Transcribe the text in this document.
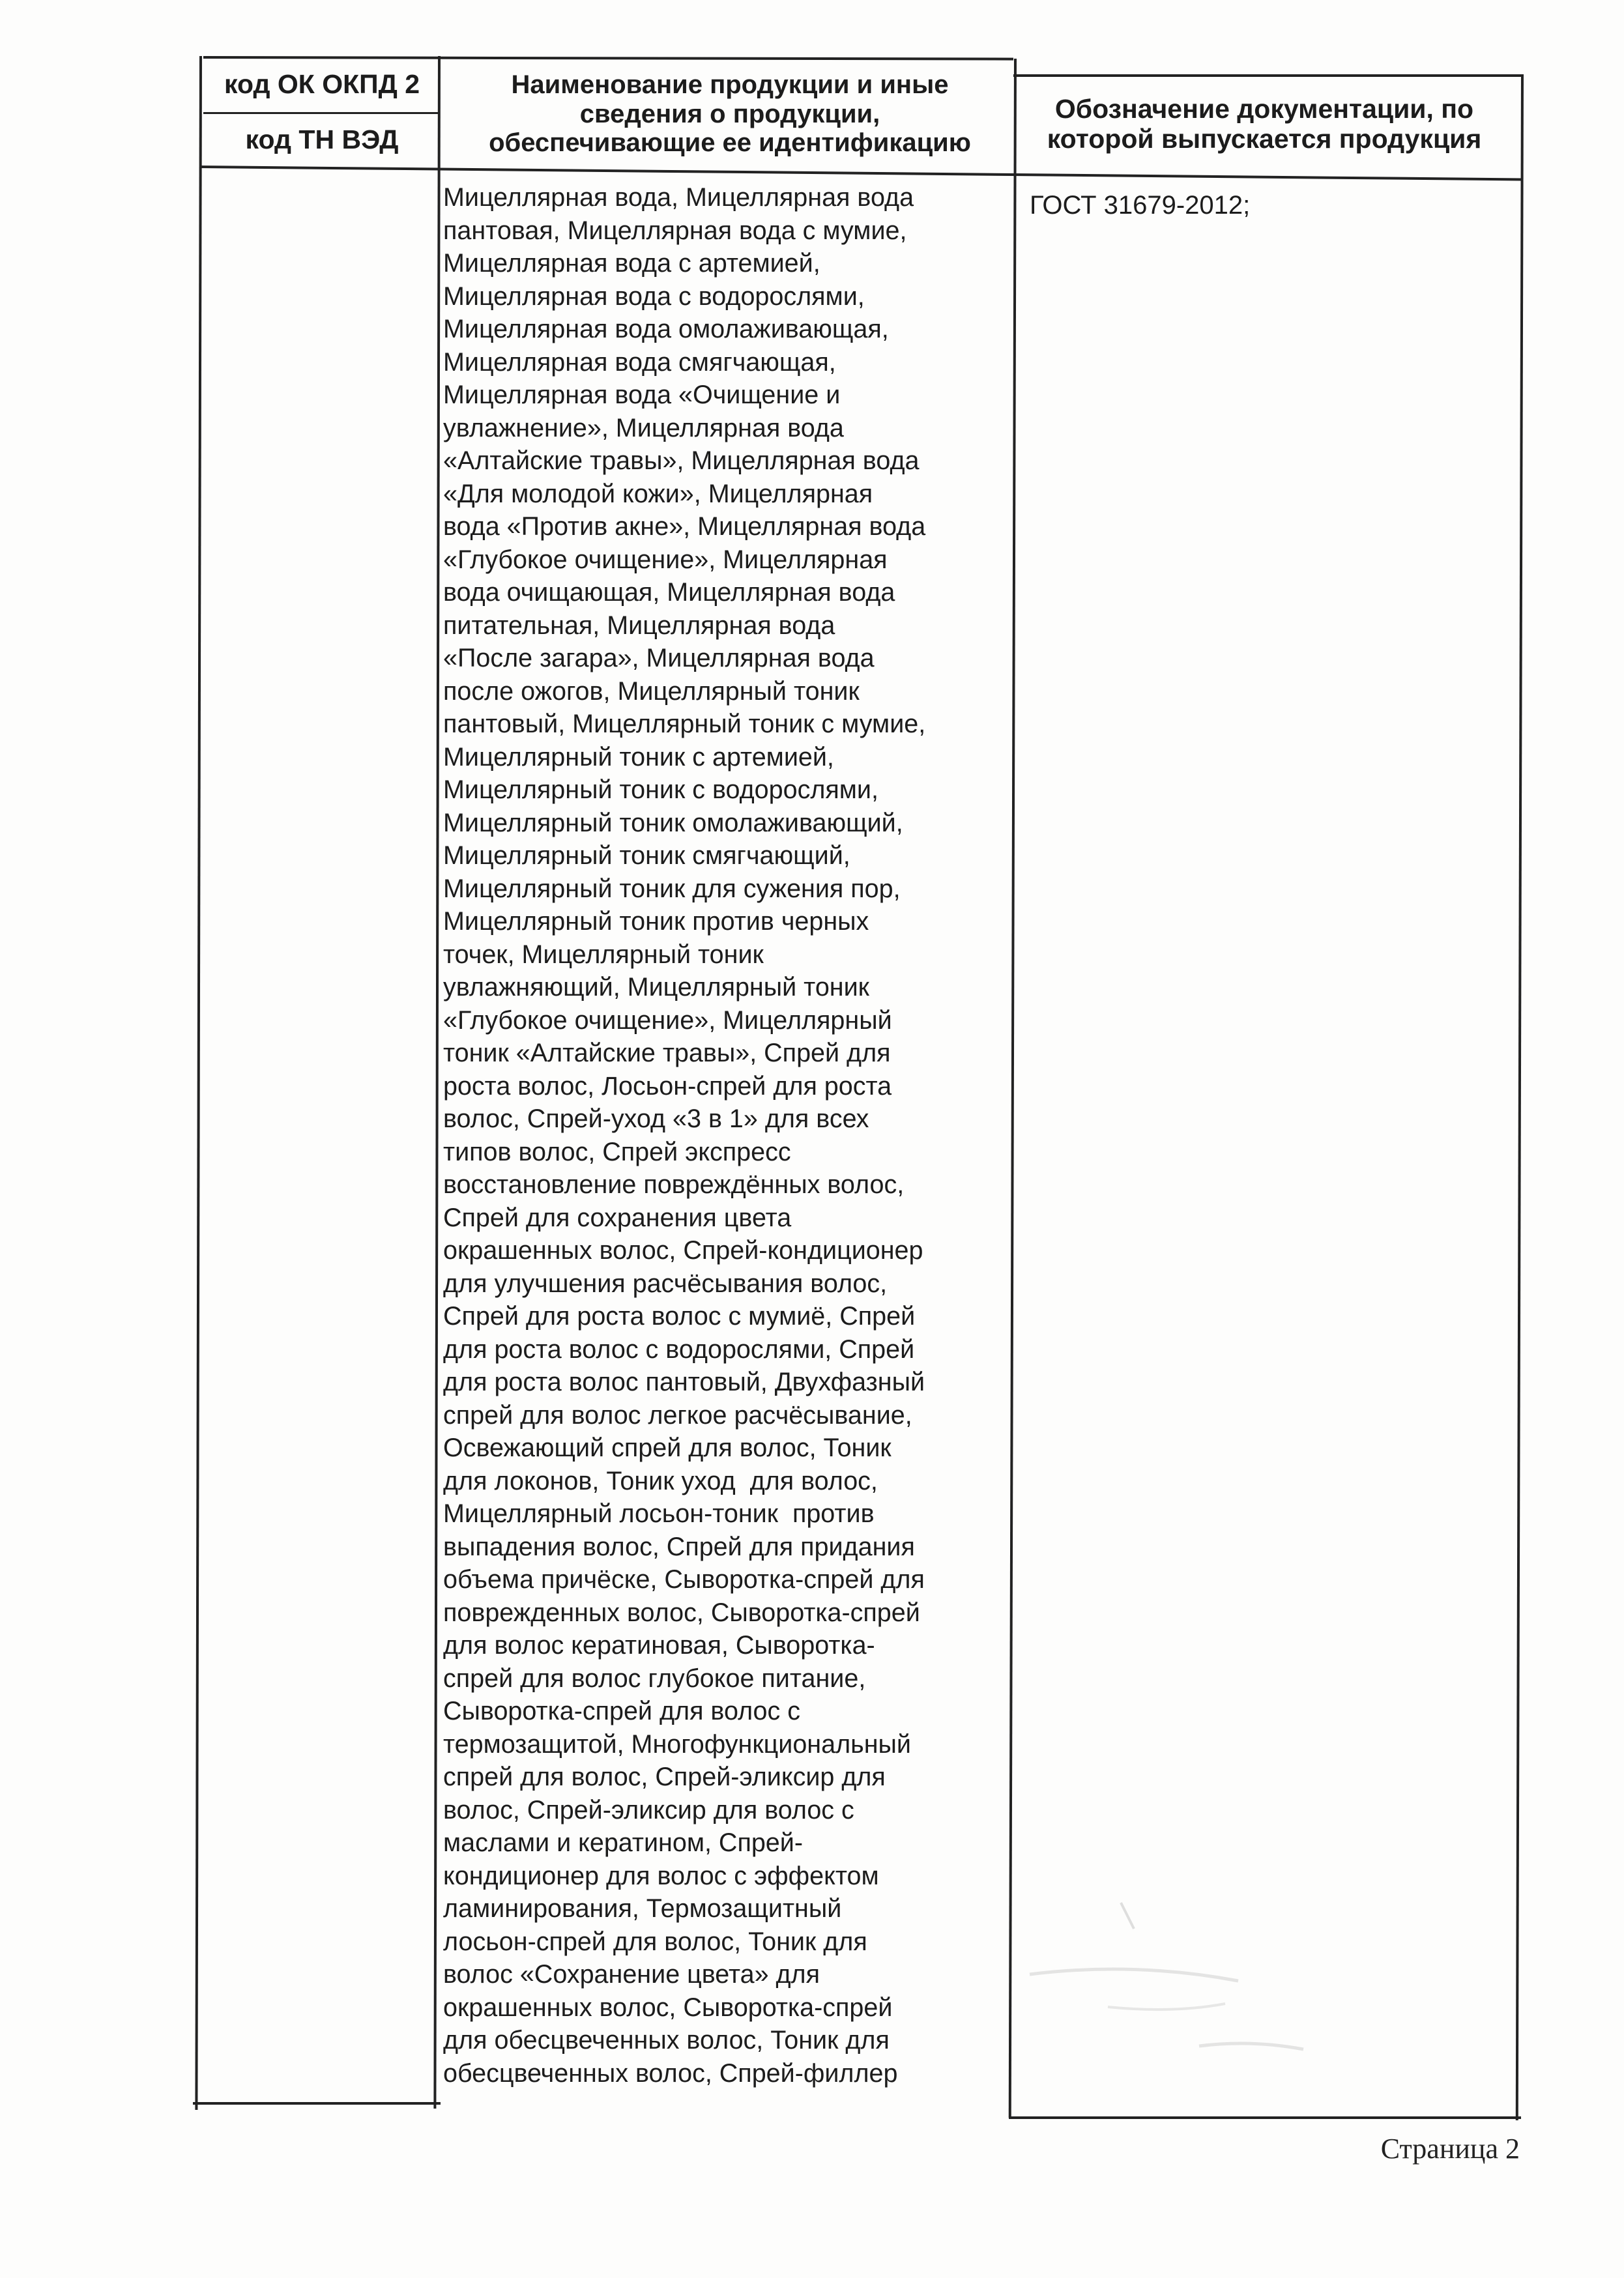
код ОК ОКПД 2
код ТН ВЭД
Наименование продукции и иные
сведения о продукции,
обеспечивающие ее идентификацию
Обозначение документации, по
которой выпускается продукция
Мицеллярная вода, Мицеллярная вода
пантовая, Мицеллярная вода с мумие,
Мицеллярная вода с артемией,
Мицеллярная вода с водорослями,
Мицеллярная вода омолаживающая,
Мицеллярная вода смягчающая,
Мицеллярная вода «Очищение и
увлажнение», Мицеллярная вода
«Алтайские травы», Мицеллярная вода
«Для молодой кожи», Мицеллярная
вода «Против акне», Мицеллярная вода
«Глубокое очищение», Мицеллярная
вода очищающая, Мицеллярная вода
питательная, Мицеллярная вода
«После загара», Мицеллярная вода
после ожогов, Мицеллярный тоник
пантовый, Мицеллярный тоник с мумие,
Мицеллярный тоник с артемией,
Мицеллярный тоник с водорослями,
Мицеллярный тоник омолаживающий,
Мицеллярный тоник смягчающий,
Мицеллярный тоник для сужения пор,
Мицеллярный тоник против черных
точек, Мицеллярный тоник
увлажняющий, Мицеллярный тоник
«Глубокое очищение», Мицеллярный
тоник «Алтайские травы», Спрей для
роста волос, Лосьон-спрей для роста
волос, Спрей-уход «3 в 1» для всех
типов волос, Спрей экспресс
восстановление повреждённых волос,
Спрей для сохранения цвета
окрашенных волос, Спрей-кондиционер
для улучшения расчёсывания волос,
Спрей для роста волос с мумиё, Спрей
для роста волос с водорослями, Спрей
для роста волос пантовый, Двухфазный
спрей для волос легкое расчёсывание,
Освежающий спрей для волос, Тоник
для локонов, Тоник уход  для волос,
Мицеллярный лосьон-тоник  против
выпадения волос, Спрей для придания
объема причёске, Сыворотка-спрей для
поврежденных волос, Сыворотка-спрей
для волос кератиновая, Сыворотка-
спрей для волос глубокое питание,
Сыворотка-спрей для волос с
термозащитой, Многофункциональный
спрей для волос, Спрей-эликсир для
волос, Спрей-эликсир для волос с
маслами и кератином, Спрей-
кондиционер для волос с эффектом
ламинирования, Термозащитный
лосьон-спрей для волос, Тоник для
волос «Сохранение цвета» для
окрашенных волос, Сыворотка-спрей
для обесцвеченных волос, Тоник для
обесцвеченных волос, Спрей-филлер
ГОСТ 31679-2012;
Страница 2
